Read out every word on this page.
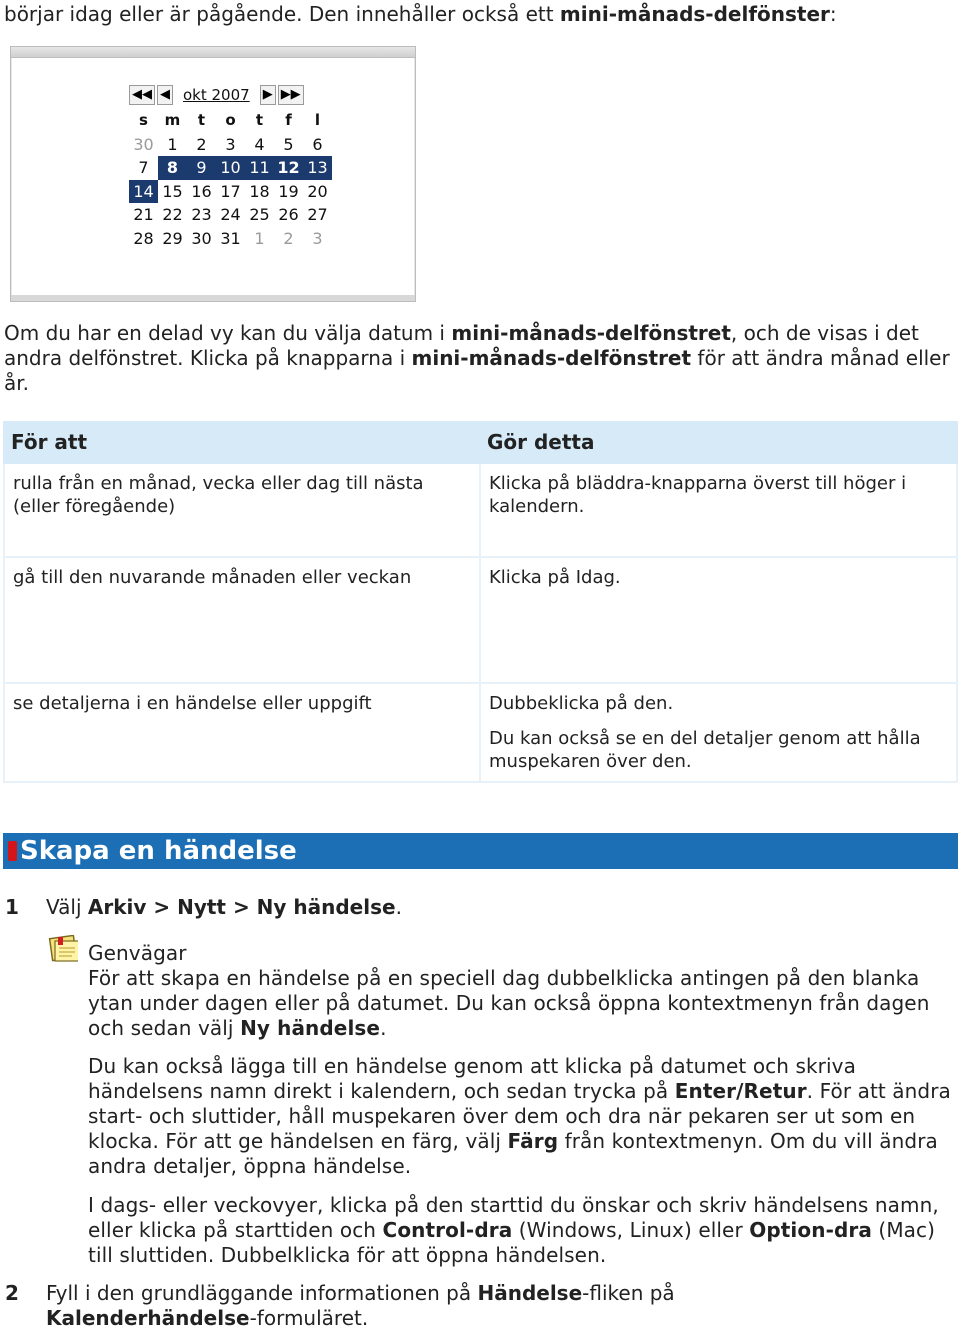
börjar idag eller är pågående. Den innehåller också ett mini-månads-delfönster:

◀◀ ◀ okt 2007 ▶ ▶▶
s	m	t	o	t	f	l
30 1	2	3	4	5	6
7	8	9 10 11 12 13
14 15 16 17 18 19 20
21 22 23 24 25 26 27
28 29 30 31 1	2	3

Om du har en delad vy kan du välja datum i mini-månads-delfönstret, och de visas i det andra delfönstret. Klicka på knapparna i mini-månads-delfönstret för att ändra månad eller år.

För att	Gör detta
rulla från en månad, vecka eller dag till nästa (eller föregående)	Klicka på bläddra-knapparna överst till höger i kalendern.

gå till den nuvarande månaden eller veckan	Klicka på Idag.

se detaljerna i en händelse eller uppgift	Dubbeklicka på den.

Du kan också se en del detaljer genom att hålla muspekaren över den.

Skapa en händelse
1 Välj Arkiv > Nytt > Ny händelse.

Genvägar

För att skapa en händelse på en speciell dag dubbelklicka antingen på den blanka ytan under dagen eller på datumet. Du kan också öppna kontextmenyn från dagen och sedan välj Ny händelse.

Du kan också lägga till en händelse genom att klicka på datumet och skriva händelsens namn direkt i kalendern, och sedan trycka på Enter/Retur. För att ändra start- och sluttider, håll muspekaren över dem och dra när pekaren ser ut som en klocka. För att ge händelsen en färg, välj Färg från kontextmenyn. Om du vill ändra andra detaljer, öppna händelse.

I dags- eller veckovyer, klicka på den starttid du önskar och skriv händelsens namn, eller klicka på starttiden och Control-dra (Windows, Linux) eller Option-dra (Mac) till sluttiden. Dubbelklicka för att öppna händelsen.

2 Fyll i den grundläggande informationen på Händelse-fliken på
Kalenderhändelse-formuläret.
